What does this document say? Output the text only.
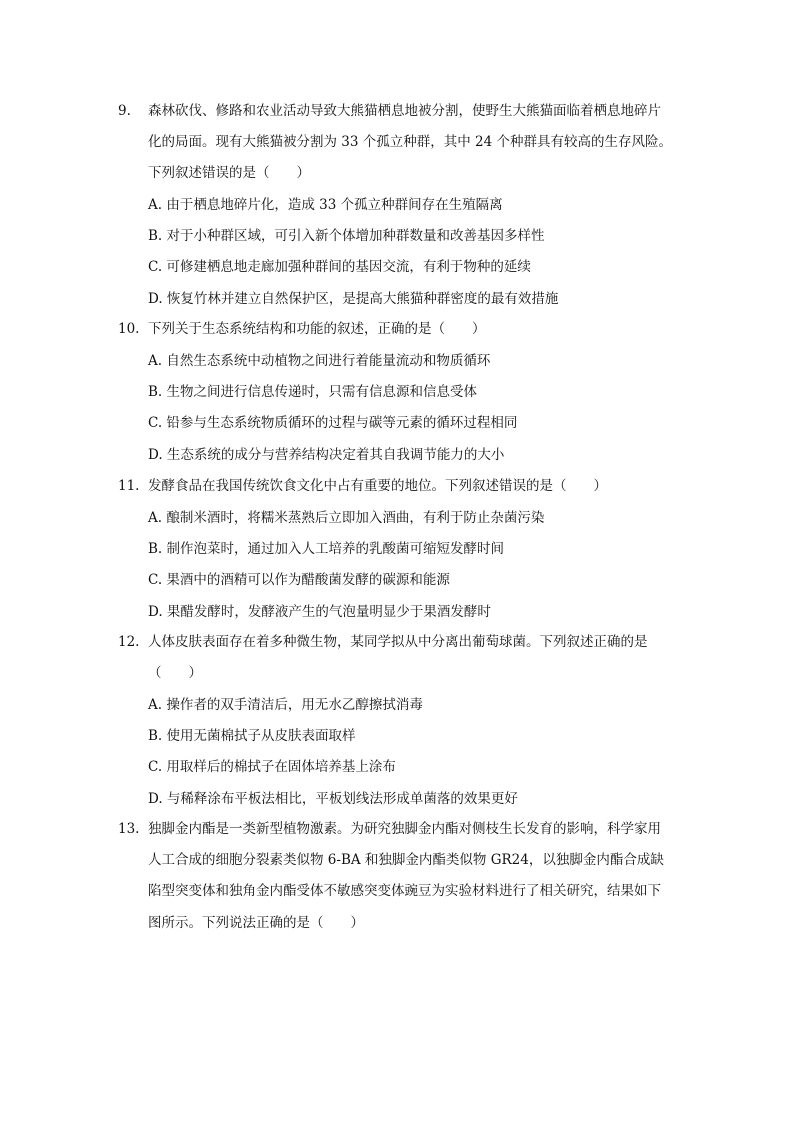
9.	森林砍伐、修路和农业活动导致大熊猫栖息地被分割，使野生大熊猫面临着栖息地碎片
化的局面。现有大熊猫被分割为 33 个孤立种群，其中 24 个种群具有较高的生存风险。
下列叙述错误的是（　　）
A. 由于栖息地碎片化，造成 33 个孤立种群间存在生殖隔离
B. 对于小种群区域，可引入新个体增加种群数量和改善基因多样性
C. 可修建栖息地走廊加强种群间的基因交流，有利于物种的延续
D. 恢复竹林并建立自然保护区，是提高大熊猫种群密度的最有效措施
10. 下列关于生态系统结构和功能的叙述，正确的是（　　）
A. 自然生态系统中动植物之间进行着能量流动和物质循环
B. 生物之间进行信息传递时，只需有信息源和信息受体
C. 铅参与生态系统物质循环的过程与碳等元素的循环过程相同
D. 生态系统的成分与营养结构决定着其自我调节能力的大小
11. 发酵食品在我国传统饮食文化中占有重要的地位。下列叙述错误的是（　　）
A. 酿制米酒时，将糯米蒸熟后立即加入酒曲，有利于防止杂菌污染
B. 制作泡菜时，通过加入人工培养的乳酸菌可缩短发酵时间
C. 果酒中的酒精可以作为醋酸菌发酵的碳源和能源
D. 果醋发酵时，发酵液产生的气泡量明显少于果酒发酵时
12. 人体皮肤表面存在着多种微生物，某同学拟从中分离出葡萄球菌。下列叙述正确的是
（　　）
A. 操作者的双手清洁后，用无水乙醇擦拭消毒
B. 使用无菌棉拭子从皮肤表面取样
C. 用取样后的棉拭子在固体培养基上涂布
D. 与稀释涂布平板法相比，平板划线法形成单菌落的效果更好
13. 独脚金内酯是一类新型植物激素。为研究独脚金内酯对侧枝生长发育的影响，科学家用
人工合成的细胞分裂素类似物 6-BA 和独脚金内酯类似物 GR24，以独脚金内酯合成缺
陷型突变体和独角金内酯受体不敏感突变体豌豆为实验材料进行了相关研究，结果如下
图所示。下列说法正确的是（　　）
